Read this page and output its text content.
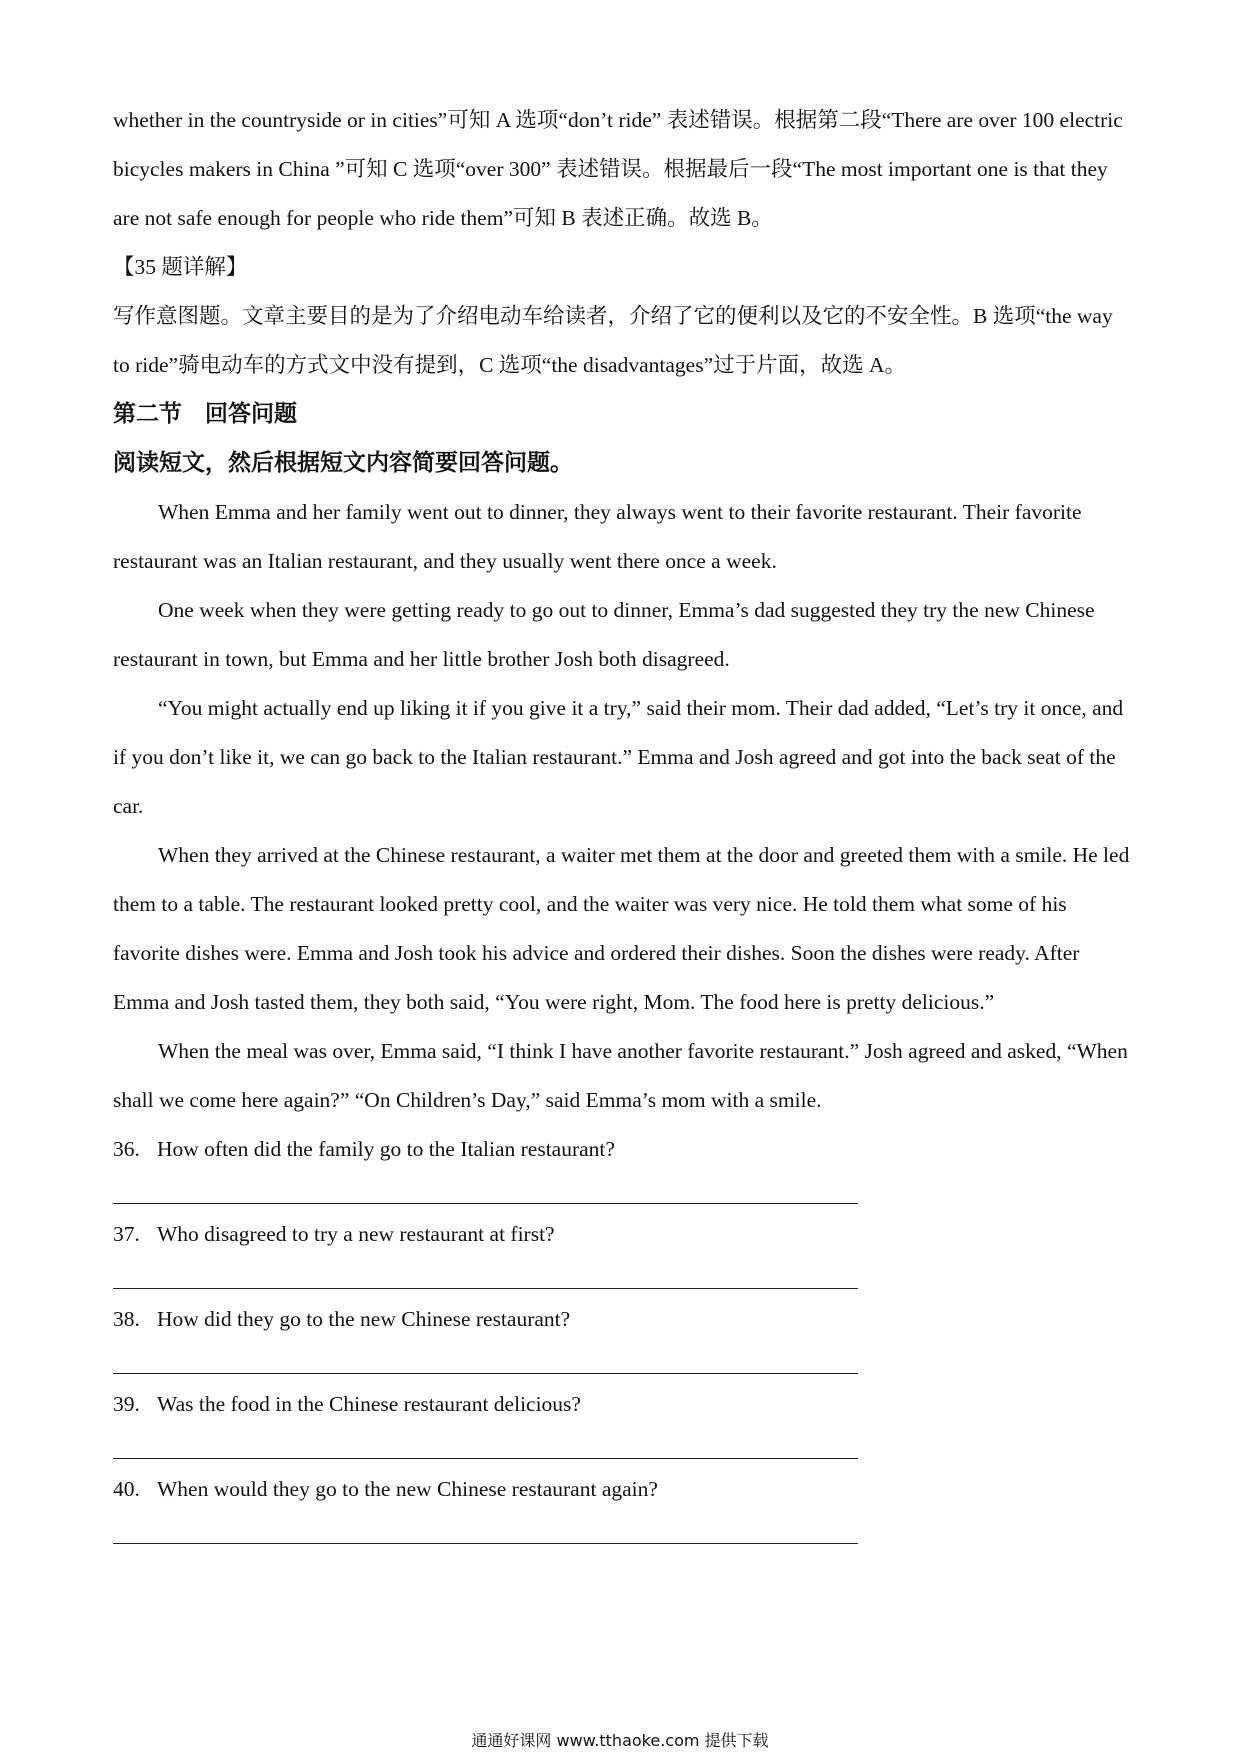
whether in the countryside or in cities”可知 A 选项“don’t ride” 表述错误。根据第二段“There are over 100 electric

bicycles makers in China ”可知 C 选项“over 300” 表述错误。根据最后一段“The most important one is that they

are not safe enough for people who ride them”可知 B 表述正确。故选 B。

【35 题详解】

写作意图题。文章主要目的是为了介绍电动车给读者，介绍了它的便利以及它的不安全性。B 选项“the way

to ride”骑电动车的方式文中没有提到，C 选项“the disadvantages”过于片面，故选 A。

第二节　回答问题

阅读短文，然后根据短文内容简要回答问题。

When Emma and her family went out to dinner, they always went to their favorite restaurant. Their favorite

restaurant was an Italian restaurant, and they usually went there once a week.

One week when they were getting ready to go out to dinner, Emma’s dad suggested they try the new Chinese

restaurant in town, but Emma and her little brother Josh both disagreed.

“You might actually end up liking it if you give it a try,” said their mom. Their dad added, “Let’s try it once, and

if you don’t like it, we can go back to the Italian restaurant.” Emma and Josh agreed and got into the back seat of the

car.

When they arrived at the Chinese restaurant, a waiter met them at the door and greeted them with a smile. He led

them to a table. The restaurant looked pretty cool, and the waiter was very nice. He told them what some of his

favorite dishes were. Emma and Josh took his advice and ordered their dishes. Soon the dishes were ready. After

Emma and Josh tasted them, they both said, “You were right, Mom. The food here is pretty delicious.”

When the meal was over, Emma said, “I think I have another favorite restaurant.” Josh agreed and asked, “When

shall we come here again?” “On Children’s Day,” said Emma’s mom with a smile.

36. How often did the family go to the Italian restaurant?

37. Who disagreed to try a new restaurant at first?

38. How did they go to the new Chinese restaurant?

39. Was the food in the Chinese restaurant delicious?

40. When would they go to the new Chinese restaurant again?

通通好课网 www.tthaoke.com 提供下载
